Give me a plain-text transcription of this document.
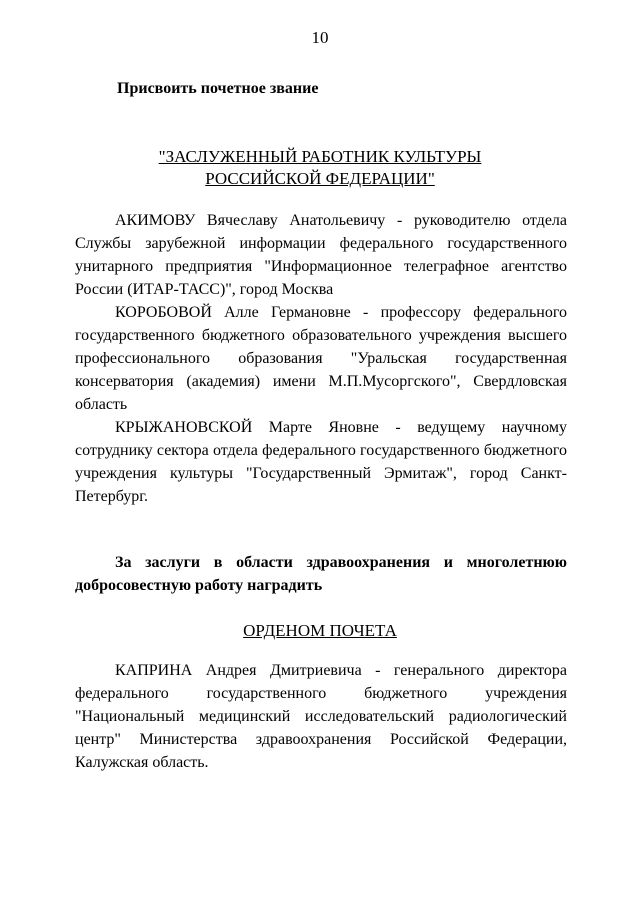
10
Присвоить почетное звание
"ЗАСЛУЖЕННЫЙ РАБОТНИК КУЛЬТУРЫ
РОССИЙСКОЙ ФЕДЕРАЦИИ"

АКИМОВУ Вячеславу Анатольевичу - руководителю отдела Службы зарубежной информации федерального государственного унитарного предприятия "Информационное телеграфное агентство России (ИТАР-ТАСС)", город Москва

КОРОБОВОЙ Алле Германовне - профессору федерального государственного бюджетного образовательного учреждения высшего профессионального образования "Уральская государственная консерватория (академия) имени М.П.Мусоргского", Свердловская область

КРЫЖАНОВСКОЙ Марте Яновне - ведущему научному сотруднику сектора отдела федерального государственного бюджетного учреждения культуры "Государственный Эрмитаж", город Санкт-Петербург.

За заслуги в области здравоохранения и многолетнюю добросовестную работу наградить
ОРДЕНОМ ПОЧЕТА

КАПРИНА Андрея Дмитриевича - генерального директора федерального государственного бюджетного учреждения "Национальный медицинский исследовательский радиологический центр" Министерства здравоохранения Российской Федерации, Калужская область.
